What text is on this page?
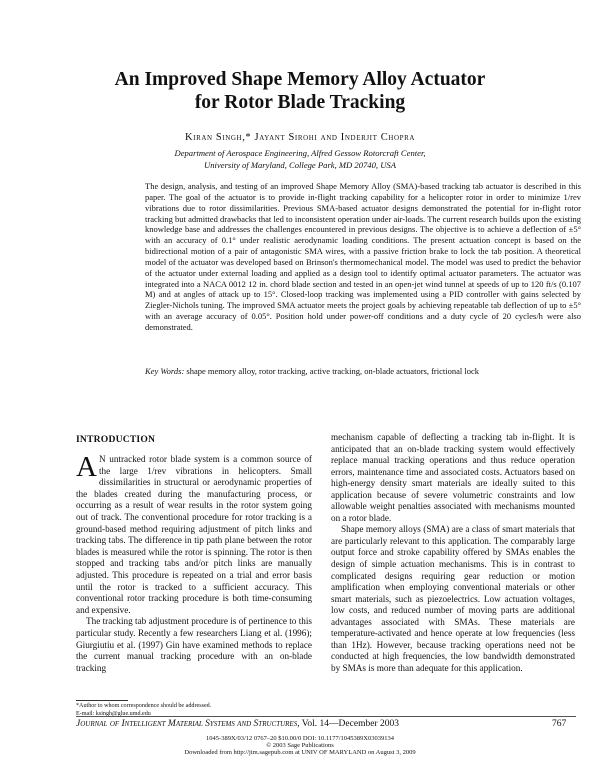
An Improved Shape Memory Alloy Actuator
for Rotor Blade Tracking
Kiran Singh,* Jayant Sirohi and Inderjit Chopra
Department of Aerospace Engineering, Alfred Gessow Rotorcraft Center,
University of Maryland, College Park, MD 20740, USA
The design, analysis, and testing of an improved Shape Memory Alloy (SMA)-based tracking tab actuator is described in this paper. The goal of the actuator is to provide in-flight tracking capability for a helicopter rotor in order to minimize 1/rev vibrations due to rotor dissimilarities. Previous SMA-based actuator designs demonstrated the potential for in-flight rotor tracking but admitted drawbacks that led to inconsistent operation under air-loads. The current research builds upon the existing knowledge base and addresses the challenges encountered in previous designs. The objective is to achieve a deflection of ±5° with an accuracy of 0.1° under realistic aerodynamic loading conditions. The present actuation concept is based on the bidirectional motion of a pair of antagonistic SMA wires, with a passive friction brake to lock the tab position. A theoretical model of the actuator was developed based on Brinson's thermomechanical model. The model was used to predict the behavior of the actuator under external loading and applied as a design tool to identify optimal actuator parameters. The actuator was integrated into a NACA 0012 12 in. chord blade section and tested in an open-jet wind tunnel at speeds of up to 120 ft/s (0.107 M) and at angles of attack up to 15°. Closed-loop tracking was implemented using a PID controller with gains selected by Ziegler-Nichols tuning. The improved SMA actuator meets the project goals by achieving repeatable tab deflection of up to ±5° with an average accuracy of 0.05°. Position hold under power-off conditions and a duty cycle of 20 cycles/h were also demonstrated.
Key Words: shape memory alloy, rotor tracking, active tracking, on-blade actuators, frictional lock
INTRODUCTION

A N untracked rotor blade system is a common source of the large 1/rev vibrations in helicopters. Small dissimilarities in structural or aerodynamic properties of the blades created during the manufacturing process, or occurring as a result of wear results in the rotor system going out of track. The conventional procedure for rotor tracking is a ground-based method requiring adjustment of pitch links and tracking tabs. The difference in tip path plane between the rotor blades is measured while the rotor is spinning. The rotor is then stopped and tracking tabs and/or pitch links are manually adjusted. This procedure is repeated on a trial and error basis until the rotor is tracked to a sufficient accuracy. This conventional rotor tracking procedure is both time-consuming and expensive.

The tracking tab adjustment procedure is of pertinence to this particular study. Recently a few researchers Liang et al. (1996); Giurgiutiu et al. (1997) Gin have examined methods to replace the current manual tracking procedure with an on-blade tracking

mechanism capable of deflecting a tracking tab in-flight. It is anticipated that an on-blade tracking system would effectively replace manual tracking operations and thus reduce operation errors, maintenance time and associated costs. Actuators based on high-energy density smart materials are ideally suited to this application because of severe volumetric constraints and low allowable weight penalties associated with mechanisms mounted on a rotor blade.

Shape memory alloys (SMA) are a class of smart materials that are particularly relevant to this application. The comparably large output force and stroke capability offered by SMAs enables the design of simple actuation mechanisms. This is in contrast to complicated designs requiring gear reduction or motion amplification when employing conventional materials or other smart materials, such as piezoelectrics. Low actuation voltages, low costs, and reduced number of moving parts are additional advantages associated with SMAs. These materials are temperature-activated and hence operate at low frequencies (less than 1Hz). However, because tracking operations need not be conducted at high frequencies, the low bandwidth demonstrated by SMAs is more than adequate for this application.

*Author to whom correspondence should be addressed.
E-mail: ksingh@glue.umd.edu
Journal of Intelligent Material Systems and Structures, Vol. 14—December 2003	767
1045-389X/03/12 0767–20 $10.00/0 DOI: 10.1177/1045389X03039134
© 2003 Sage Publications
Downloaded from http://jim.sagepub.com at UNIV OF MARYLAND on August 3, 2009
